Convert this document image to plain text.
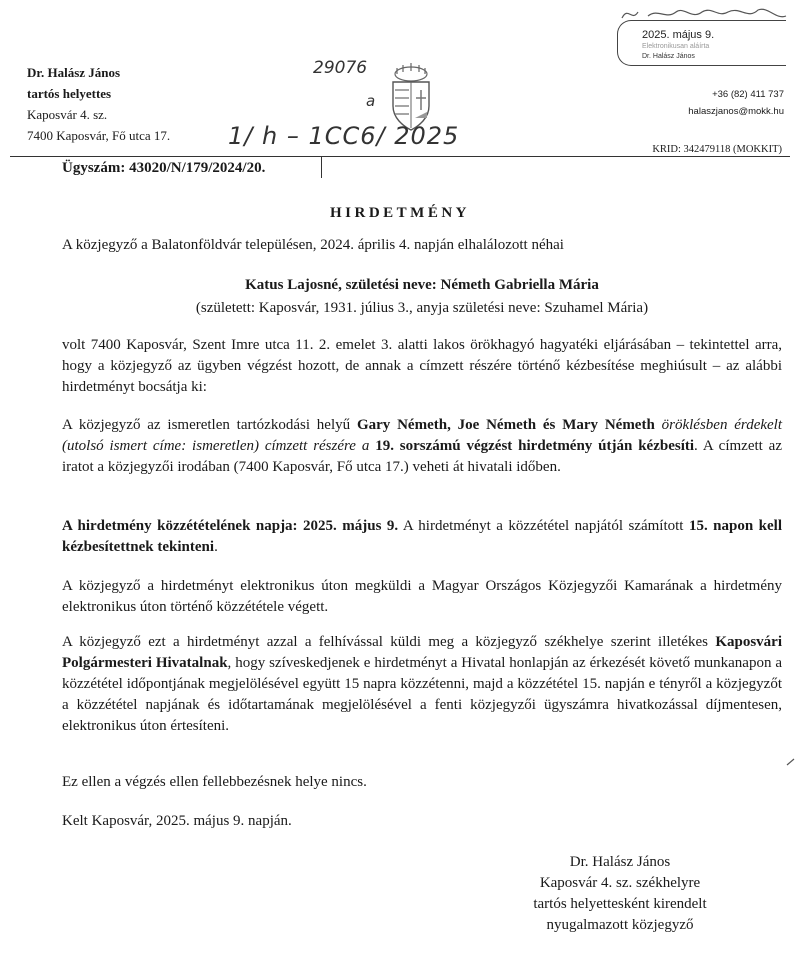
Dr. Halász János
tartós helyettes
Kaposvár 4. sz.
7400 Kaposvár, Fő utca 17.
29076
a
2025. május 9.
Elektronikusan aláírta
Dr. Halász János
+36 (82) 411 737
halaszjanos@mokk.hu
1/ h – 1CC6/ 2025	KRID: 342479118 (MOKKIT)
Ügyszám: 43020/N/179/2024/20.
HIRDETMÉNY
A közjegyző a Balatonföldvár településen, 2024. április 4. napján elhalálozott néhai
Katus Lajosné, születési neve: Németh Gabriella Mária
(született: Kaposvár, 1931. július 3., anyja születési neve: Szuhamel Mária)
volt 7400 Kaposvár, Szent Imre utca 11. 2. emelet 3. alatti lakos örökhagyó hagyatéki eljárásában – tekintettel arra, hogy a közjegyző az ügyben végzést hozott, de annak a címzett részére történő kézbesítése meghiúsult – az alábbi hirdetményt bocsátja ki:
A közjegyző az ismeretlen tartózkodási helyű Gary Németh, Joe Németh és Mary Németh öröklésben érdekelt (utolsó ismert címe: ismeretlen) címzett részére a 19. sorszámú végzést hirdetmény útján kézbesíti. A címzett az iratot a közjegyzői irodában (7400 Kaposvár, Fő utca 17.) veheti át hivatali időben.
A hirdetmény közzétételének napja: 2025. május 9. A hirdetményt a közzététel napjától számított 15. napon kell kézbesítettnek tekinteni.
A közjegyző a hirdetményt elektronikus úton megküldi a Magyar Országos Közjegyzői Kamarának a hirdetmény elektronikus úton történő közzététele végett.
A közjegyző ezt a hirdetményt azzal a felhívással küldi meg a közjegyző székhelye szerint illetékes Kaposvári Polgármesteri Hivatalnak, hogy szíveskedjenek e hirdetményt a Hivatal honlapján az érkezését követő munkanapon a közzététel időpontjának megjelölésével együtt 15 napra közzétenni, majd a közzététel 15. napján e tényről a közjegyzőt a közzététel napjának és időtartamának megjelölésével a fenti közjegyzői ügyszámra hivatkozással díjmentesen, elektronikus úton értesíteni.
Ez ellen a végzés ellen fellebbezésnek helye nincs.
Kelt Kaposvár, 2025. május 9. napján.
Dr. Halász János
Kaposvár 4. sz. székhelyre
tartós helyettesként kirendelt
nyugalmazott közjegyző
